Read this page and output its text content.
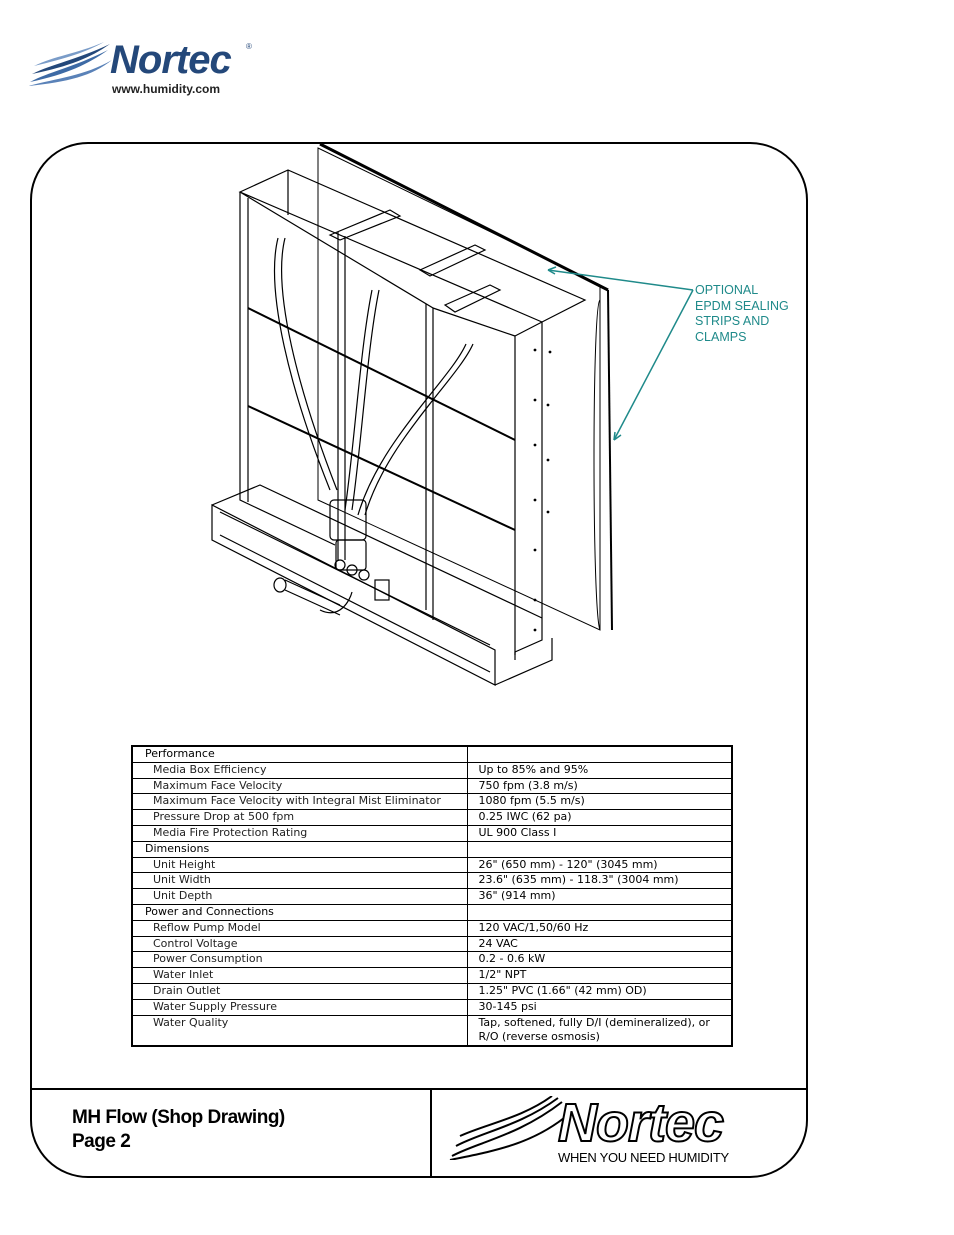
Nortec ®
www.humidity.com
OPTIONAL
EPDM SEALING
STRIPS AND
CLAMPS
Performance	
Media Box Efficiency	Up to 85% and 95%
Maximum Face Velocity	750 fpm (3.8 m/s)
Maximum Face Velocity with Integral Mist Eliminator	1080 fpm (5.5 m/s)
Pressure Drop at 500 fpm	0.25 IWC (62 pa)
Media Fire Protection Rating	UL 900 Class I
Dimensions	
Unit Height	26" (650 mm) - 120" (3045 mm)
Unit Width	23.6" (635 mm) - 118.3" (3004 mm)
Unit Depth	36" (914 mm)
Power and Connections	
Reflow Pump Model	120 VAC/1,50/60 Hz
Control Voltage	24 VAC
Power Consumption	0.2 - 0.6 kW
Water Inlet	1/2" NPT
Drain Outlet	1.25" PVC (1.66" (42 mm) OD)
Water Supply Pressure	30-145 psi
Water Quality	Tap, softened, fully D/I (demineralized), or R/O (reverse osmosis)
MH Flow (Shop Drawing)
Page 2	Nortec
WHEN YOU NEED HUMIDITY
